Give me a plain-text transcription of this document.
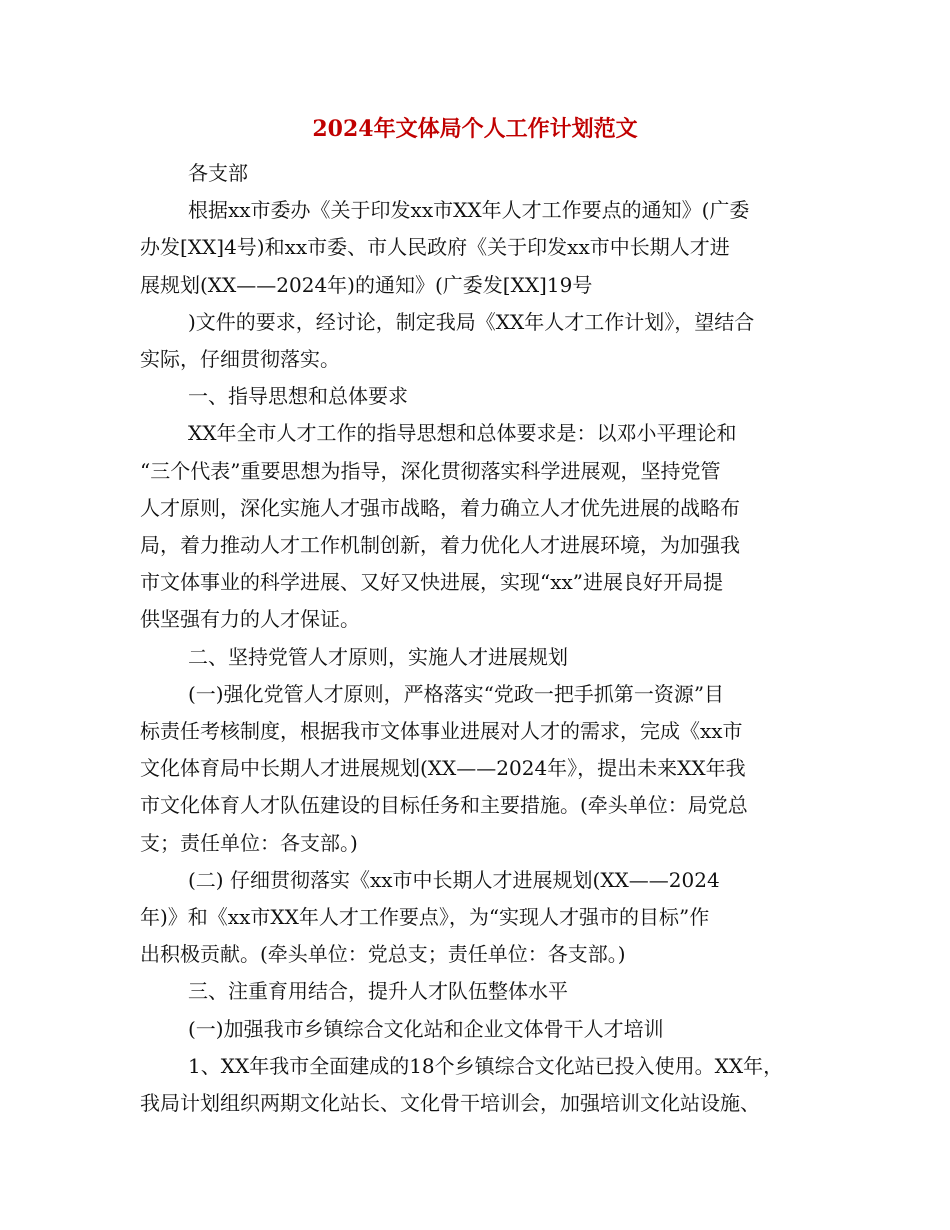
2024年文体局个人工作计划范文

各支部

根据xx市委办《关于印发xx市XX年人才工作要点的通知》(广委

办发[XX]4号)和xx市委、市人民政府《关于印发xx市中长期人才进

展规划(XX——2024年)的通知》(广委发[XX]19号

)文件的要求，经讨论，制定我局《XX年人才工作计划》，望结合

实际，仔细贯彻落实。

一、指导思想和总体要求

XX年全市人才工作的指导思想和总体要求是：以邓小平理论和

“三个代表”重要思想为指导，深化贯彻落实科学进展观，坚持党管

人才原则，深化实施人才强市战略，着力确立人才优先进展的战略布

局，着力推动人才工作机制创新，着力优化人才进展环境，为加强我

市文体事业的科学进展、又好又快进展，实现“xx”进展良好开局提

供坚强有力的人才保证。

二、坚持党管人才原则，实施人才进展规划

(一)强化党管人才原则，严格落实“党政一把手抓第一资源”目

标责任考核制度，根据我市文体事业进展对人才的需求，完成《xx市

文化体育局中长期人才进展规划(XX——2024年》，提出未来XX年我

市文化体育人才队伍建设的目标任务和主要措施。(牵头单位：局党总

支；责任单位：各支部。)

(二) 仔细贯彻落实《xx市中长期人才进展规划(XX——2024

年)》和《xx市XX年人才工作要点》，为“实现人才强市的目标”作

出积极贡献。(牵头单位：党总支；责任单位：各支部。)

三、注重育用结合，提升人才队伍整体水平

(一)加强我市乡镇综合文化站和企业文体骨干人才培训

1、XX年我市全面建成的18个乡镇综合文化站已投入使用。XX年，

我局计划组织两期文化站长、文化骨干培训会，加强培训文化站设施、
